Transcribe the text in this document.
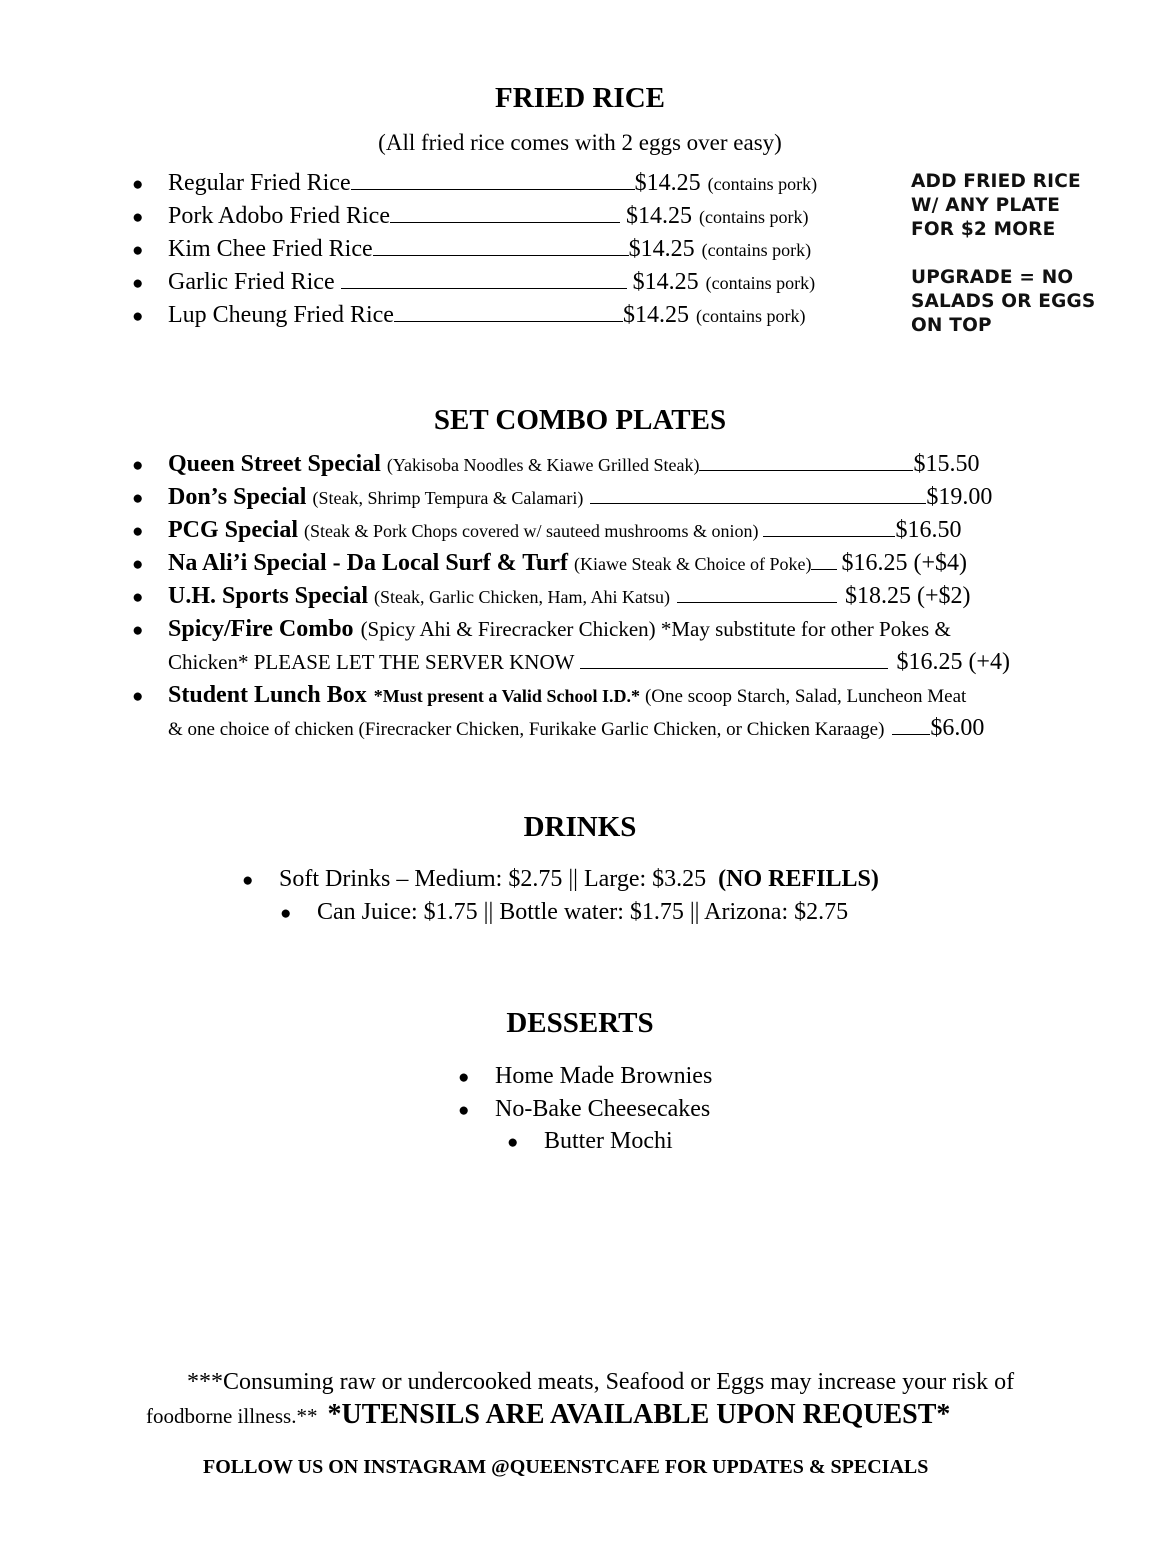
FRIED RICE
(All fried rice comes with 2 eggs over easy)
●	Regular Fried Rice	$14.25 (contains pork)
●	Pork Adobo Fried Rice	$14.25 (contains pork)
●	Kim Chee Fried Rice	$14.25 (contains pork)
●	Garlic Fried Rice	$14.25 (contains pork)
●	Lup Cheung Fried Rice	$14.25 (contains pork)
ADD FRIED RICE
W/ ANY PLATE
FOR $2 MORE
UPGRADE = NO
SALADS OR EGGS
ON TOP
SET COMBO PLATES
●	Queen Street Special (Yakisoba Noodles & Kiawe Grilled Steak)	$15.50
●	Don’s Special (Steak, Shrimp Tempura & Calamari)	$19.00
●	PCG Special (Steak & Pork Chops covered w/ sauteed mushrooms & onion)	$16.50
●	Na Ali’i Special - Da Local Surf & Turf (Kiawe Steak & Choice of Poke) $16.25 (+$4)
●	U.H. Sports Special (Steak, Garlic Chicken, Ham, Ahi Katsu)	$18.25 (+$2)
●	Spicy/Fire Combo (Spicy Ahi & Firecracker Chicken) *May substitute for other Pokes &
Chicken* PLEASE LET THE SERVER KNOW	$16.25 (+4)
●	Student Lunch Box *Must present a Valid School I.D.* (One scoop Starch, Salad, Luncheon Meat
& one choice of chicken (Firecracker Chicken, Furikake Garlic Chicken, or Chicken Karaage) $6.00
DRINKS
●	Soft Drinks – Medium: $2.75 || Large: $3.25 (NO REFILLS)
●	Can Juice: $1.75 || Bottle water: $1.75 || Arizona: $2.75
DESSERTS
●	Home Made Brownies
●	No-Bake Cheesecakes
●	Butter Mochi
***Consuming raw or undercooked meats, Seafood or Eggs may increase your risk of
foodborne illness.** *UTENSILS ARE AVAILABLE UPON REQUEST*
FOLLOW US ON INSTAGRAM @QUEENSTCAFE FOR UPDATES & SPECIALS
